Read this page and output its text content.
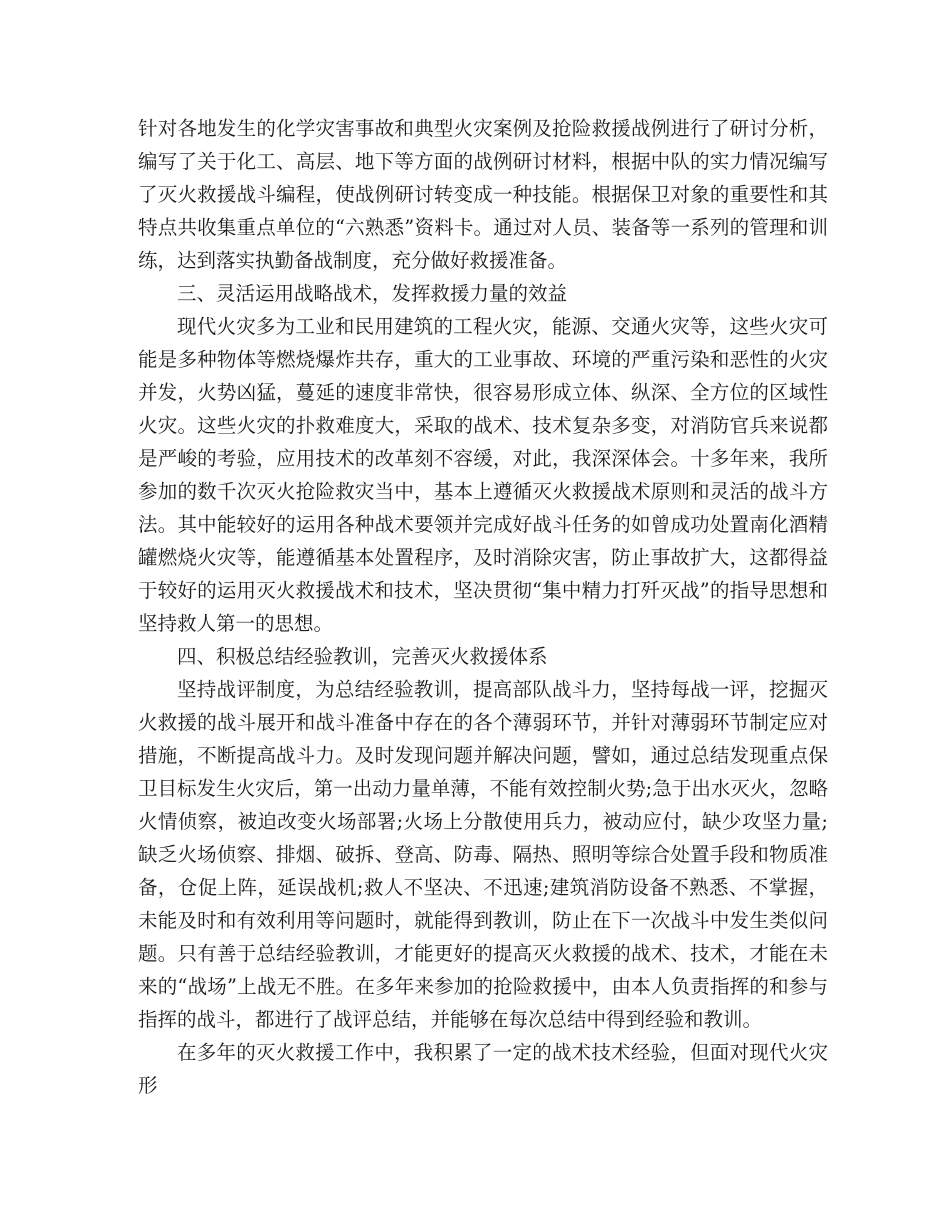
针对各地发生的化学灾害事故和典型火灾案例及抢险救援战例进行了研讨分析，编写了关于化工、高层、地下等方面的战例研讨材料，根据中队的实力情况编写了灭火救援战斗编程，使战例研讨转变成一种技能。根据保卫对象的重要性和其特点共收集重点单位的“六熟悉”资料卡。通过对人员、装备等一系列的管理和训练，达到落实执勤备战制度，充分做好救援准备。

三、灵活运用战略战术，发挥救援力量的效益

现代火灾多为工业和民用建筑的工程火灾，能源、交通火灾等，这些火灾可能是多种物体等燃烧爆炸共存，重大的工业事故、环境的严重污染和恶性的火灾并发，火势凶猛，蔓延的速度非常快，很容易形成立体、纵深、全方位的区域性火灾。这些火灾的扑救难度大，采取的战术、技术复杂多变，对消防官兵来说都是严峻的考验，应用技术的改革刻不容缓，对此，我深深体会。十多年来，我所参加的数千次灭火抢险救灾当中，基本上遵循灭火救援战术原则和灵活的战斗方法。其中能较好的运用各种战术要领并完成好战斗任务的如曾成功处置南化酒精罐燃烧火灾等，能遵循基本处置程序，及时消除灾害，防止事故扩大，这都得益于较好的运用灭火救援战术和技术，坚决贯彻“集中精力打歼灭战”的指导思想和坚持救人第一的思想。

四、积极总结经验教训，完善灭火救援体系

坚持战评制度，为总结经验教训，提高部队战斗力，坚持每战一评，挖掘灭火救援的战斗展开和战斗准备中存在的各个薄弱环节，并针对薄弱环节制定应对措施，不断提高战斗力。及时发现问题并解决问题，譬如，通过总结发现重点保卫目标发生火灾后，第一出动力量单薄，不能有效控制火势;急于出水灭火，忽略火情侦察，被迫改变火场部署;火场上分散使用兵力，被动应付，缺少攻坚力量;缺乏火场侦察、排烟、破拆、登高、防毒、隔热、照明等综合处置手段和物质准备，仓促上阵，延误战机;救人不坚决、不迅速;建筑消防设备不熟悉、不掌握，未能及时和有效利用等问题时，就能得到教训，防止在下一次战斗中发生类似问题。只有善于总结经验教训，才能更好的提高灭火救援的战术、技术，才能在未来的“战场”上战无不胜。在多年来参加的抢险救援中，由本人负责指挥的和参与指挥的战斗，都进行了战评总结，并能够在每次总结中得到经验和教训。

在多年的灭火救援工作中，我积累了一定的战术技术经验，但面对现代火灾形
